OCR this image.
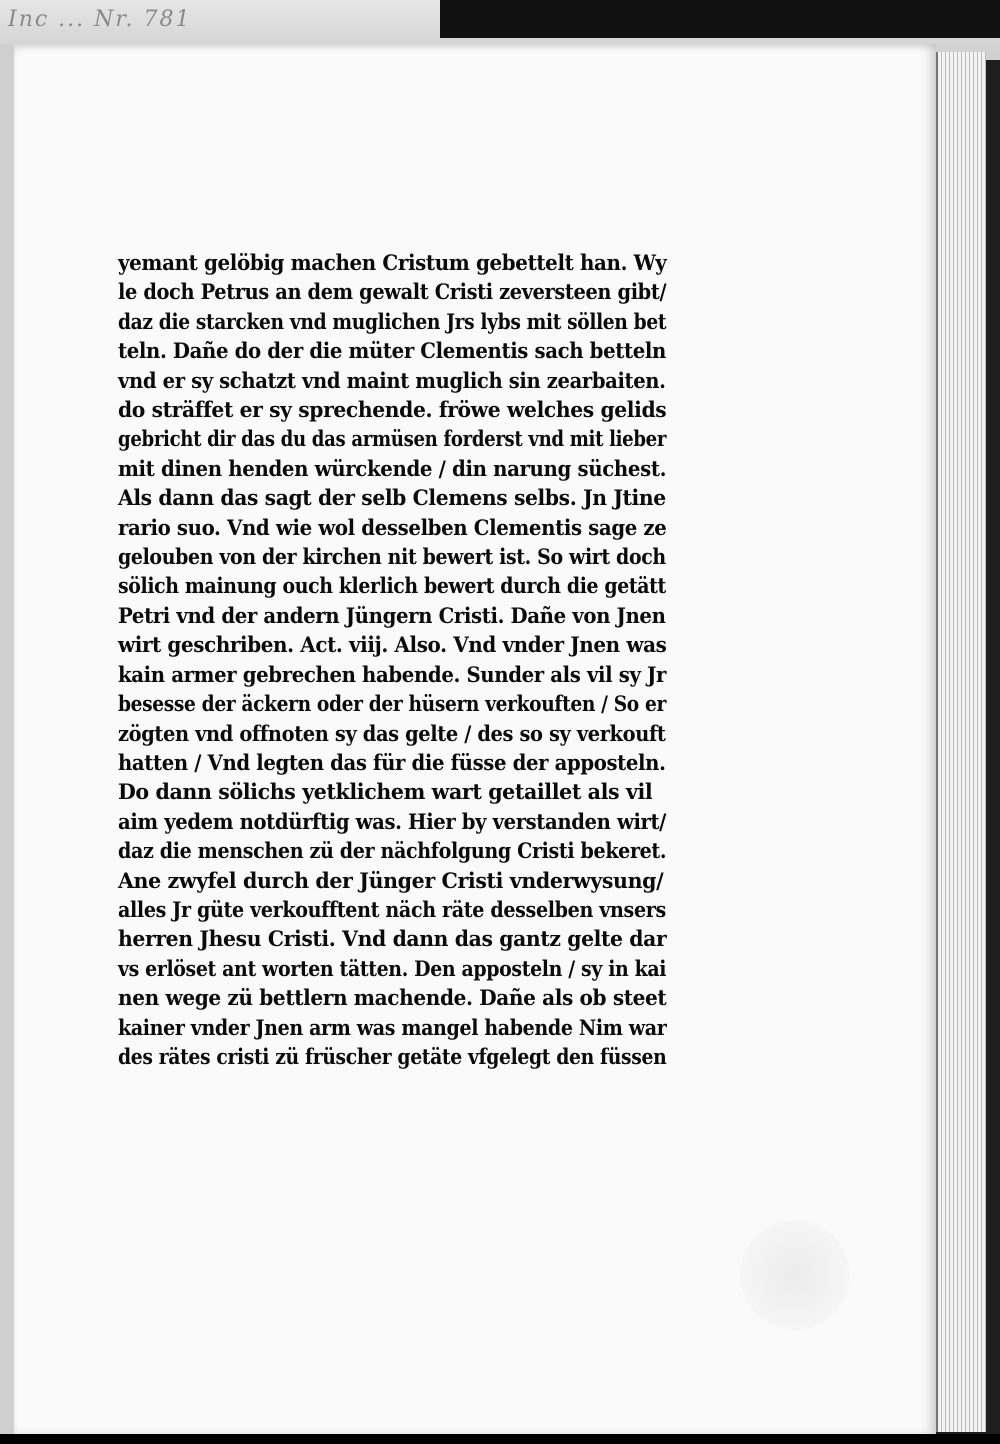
Inc ... Nr. 781
yemant gelöbig machen Cristum gebettelt han. Wy
le doch Petrus an dem gewalt Cristi zeversteen gibt/
daz die starcken vnd muglichen Jrs lybs mit söllen bet
teln. Dañe do der die müter Clementis sach betteln
vnd er sy schatzt vnd maint muglich sin zearbaiten.
do sträffet er sy sprechende. fröwe welches gelids
gebricht dir das du das armüsen forderst vnd mit lieber
mit dinen henden würckende / din narung süchest.
Als dann das sagt der selb Clemens selbs. Jn Jtine
rario suo. Vnd wie wol desselben Clementis sage ze
gelouben von der kirchen nit bewert ist. So wirt doch
sölich mainung ouch klerlich bewert durch die getätt
Petri vnd der andern Jüngern Cristi. Dañe von Jnen
wirt geschriben. Act. viij. Also. Vnd vnder Jnen was
kain armer gebrechen habende. Sunder als vil sy Jr
besesse der äckern oder der hüsern verkouften / So er
zögten vnd offnoten sy das gelte / des so sy verkouft
hatten / Vnd legten das für die füsse der apposteln.
Do dann sölichs yetklichem wart getaillet als vil
aim yedem notdürftig was. Hier by verstanden wirt/
daz die menschen zü der nächfolgung Cristi bekeret.
Ane zwyfel durch der Jünger Cristi vnderwysung/
alles Jr güte verkoufftent näch räte desselben vnsers
herren Jhesu Cristi. Vnd dann das gantz gelte dar
vs erlöset ant worten tätten. Den apposteln / sy in kai
nen wege zü bettlern machende. Dañe als ob steet
kainer vnder Jnen arm was mangel habende Nim war
des rätes cristi zü früscher getäte vfgelegt den füssen
